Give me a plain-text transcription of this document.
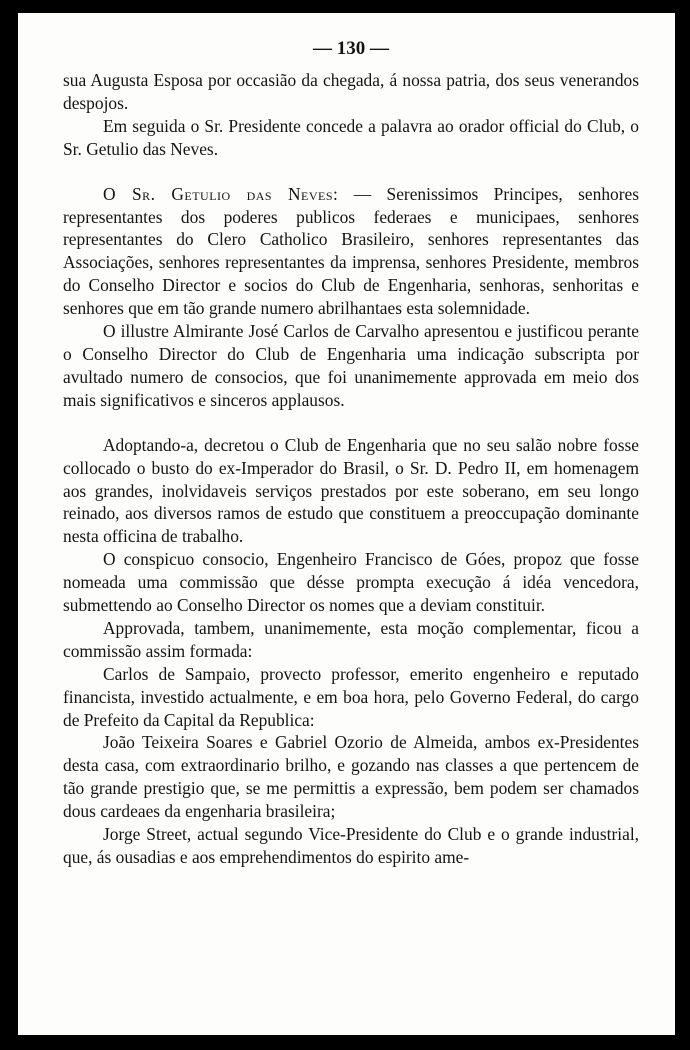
— 130 —

sua Augusta Esposa por occasião da chegada, á nossa patria, dos seus venerandos despojos.

Em seguida o Sr. Presidente concede a palavra ao orador official do Club, o Sr. Getulio das Neves.

O Sr. Getulio das Neves: — Serenissimos Principes, senhores representantes dos poderes publicos federaes e municipaes, senhores representantes do Clero Catholico Brasileiro, senhores representantes das Associações, senhores representantes da imprensa, senhores Presidente, membros do Conselho Director e socios do Club de Engenharia, senhoras, senhoritas e senhores que em tão grande numero abrilhantaes esta solemnidade.

O illustre Almirante José Carlos de Carvalho apresentou e justificou perante o Conselho Director do Club de Engenharia uma indicação subscripta por avultado numero de consocios, que foi unanimemente approvada em meio dos mais significativos e sinceros applausos.

Adoptando-a, decretou o Club de Engenharia que no seu salão nobre fosse collocado o busto do ex-Imperador do Brasil, o Sr. D. Pedro II, em homenagem aos grandes, inolvidaveis serviços prestados por este soberano, em seu longo reinado, aos diversos ramos de estudo que constituem a preoccupação dominante nesta officina de trabalho.

O conspicuo consocio, Engenheiro Francisco de Góes, propoz que fosse nomeada uma commissão que désse prompta execução á idéa vencedora, submettendo ao Conselho Director os nomes que a deviam constituir.

Approvada, tambem, unanimemente, esta moção complementar, ficou a commissão assim formada:

Carlos de Sampaio, provecto professor, emerito engenheiro e reputado financista, investido actualmente, e em boa hora, pelo Governo Federal, do cargo de Prefeito da Capital da Republica:

João Teixeira Soares e Gabriel Ozorio de Almeida, ambos ex-Presidentes desta casa, com extraordinario brilho, e gozando nas classes a que pertencem de tão grande prestigio que, se me permittis a expressão, bem podem ser chamados dous cardeaes da engenharia brasileira;

Jorge Street, actual segundo Vice-Presidente do Club e o grande industrial, que, ás ousadias e aos emprehendimentos do espirito ame-
